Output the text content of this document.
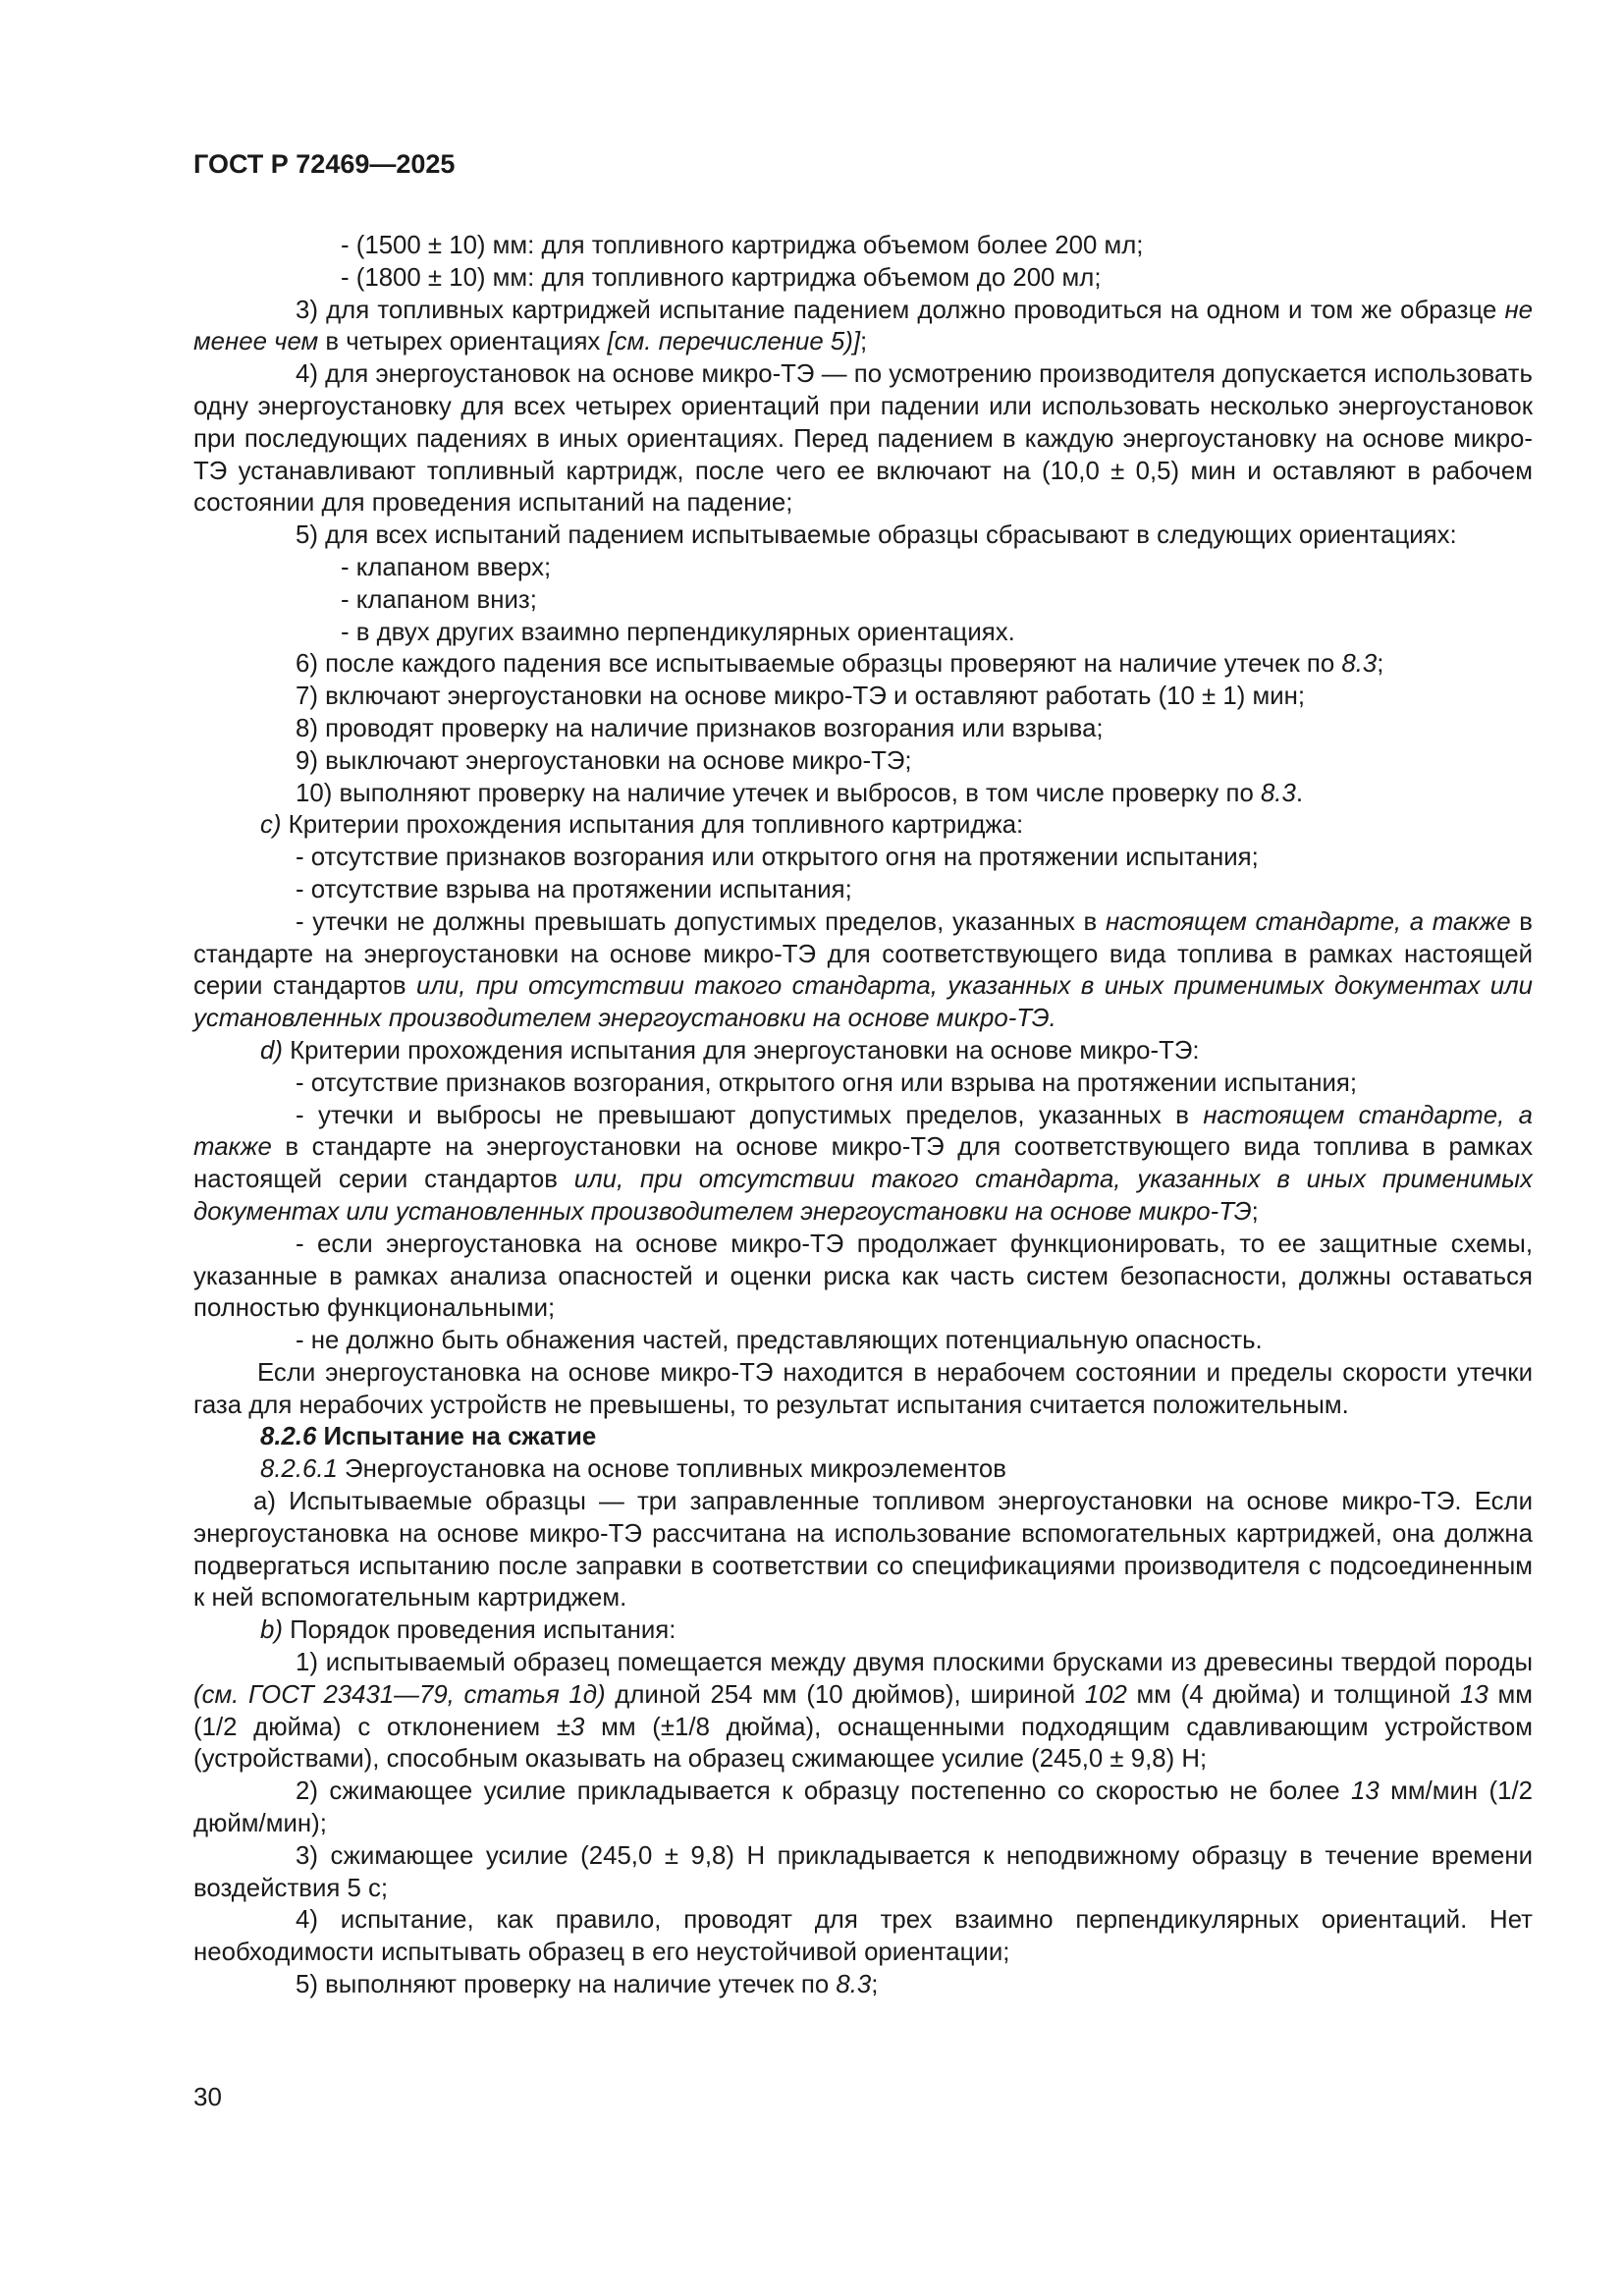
ГОСТ Р 72469—2025
- (1500 ± 10) мм: для топливного картриджа объемом более 200 мл;
- (1800 ± 10) мм: для топливного картриджа объемом до 200 мл;
3) для топливных картриджей испытание падением должно проводиться на одном и том же образце не менее чем в четырех ориентациях [см. перечисление 5)];
4) для энергоустановок на основе микро-ТЭ — по усмотрению производителя допускается использовать одну энергоустановку для всех четырех ориентаций при падении или использовать несколько энергоустановок при последующих падениях в иных ориентациях. Перед падением в каждую энергоустановку на основе микро-ТЭ устанавливают топливный картридж, после чего ее включают на (10,0 ± 0,5) мин и оставляют в рабочем состоянии для проведения испытаний на падение;
5) для всех испытаний падением испытываемые образцы сбрасывают в следующих ориентациях:
- клапаном вверх;
- клапаном вниз;
- в двух других взаимно перпендикулярных ориентациях.
6) после каждого падения все испытываемые образцы проверяют на наличие утечек по 8.3;
7) включают энергоустановки на основе микро-ТЭ и оставляют работать (10 ± 1) мин;
8) проводят проверку на наличие признаков возгорания или взрыва;
9) выключают энергоустановки на основе микро-ТЭ;
10) выполняют проверку на наличие утечек и выбросов, в том числе проверку по 8.3.
c) Критерии прохождения испытания для топливного картриджа:
- отсутствие признаков возгорания или открытого огня на протяжении испытания;
- отсутствие взрыва на протяжении испытания;
- утечки не должны превышать допустимых пределов, указанных в настоящем стандарте, а также в стандарте на энергоустановки на основе микро-ТЭ для соответствующего вида топлива в рамках настоящей серии стандартов или, при отсутствии такого стандарта, указанных в иных применимых документах или установленных производителем энергоустановки на основе микро-ТЭ.
d) Критерии прохождения испытания для энергоустановки на основе микро-ТЭ:
- отсутствие признаков возгорания, открытого огня или взрыва на протяжении испытания;
- утечки и выбросы не превышают допустимых пределов, указанных в настоящем стандарте, а также в стандарте на энергоустановки на основе микро-ТЭ для соответствующего вида топлива в рамках настоящей серии стандартов или, при отсутствии такого стандарта, указанных в иных применимых документах или установленных производителем энергоустановки на основе микро-ТЭ;
- если энергоустановка на основе микро-ТЭ продолжает функционировать, то ее защитные схемы, указанные в рамках анализа опасностей и оценки риска как часть систем безопасности, должны оставаться полностью функциональными;
- не должно быть обнажения частей, представляющих потенциальную опасность.
Если энергоустановка на основе микро-ТЭ находится в нерабочем состоянии и пределы скорости утечки газа для нерабочих устройств не превышены, то результат испытания считается положительным.
8.2.6 Испытание на сжатие
8.2.6.1 Энергоустановка на основе топливных микроэлементов
а) Испытываемые образцы — три заправленные топливом энергоустановки на основе микро-ТЭ. Если энергоустановка на основе микро-ТЭ рассчитана на использование вспомогательных картриджей, она должна подвергаться испытанию после заправки в соответствии со спецификациями производителя с подсоединенным к ней вспомогательным картриджем.
b) Порядок проведения испытания:
1) испытываемый образец помещается между двумя плоскими брусками из древесины твердой породы (см. ГОСТ 23431—79, статья 1д) длиной 254 мм (10 дюймов), шириной 102 мм (4 дюйма) и толщиной 13 мм (1/2 дюйма) с отклонением ±3 мм (±1/8 дюйма), оснащенными подходящим сдавливающим устройством (устройствами), способным оказывать на образец сжимающее усилие (245,0 ± 9,8) Н;
2) сжимающее усилие прикладывается к образцу постепенно со скоростью не более 13 мм/мин (1/2 дюйм/мин);
3) сжимающее усилие (245,0 ± 9,8) Н прикладывается к неподвижному образцу в течение времени воздействия 5 с;
4) испытание, как правило, проводят для трех взаимно перпендикулярных ориентаций. Нет необходимости испытывать образец в его неустойчивой ориентации;
5) выполняют проверку на наличие утечек по 8.3;
30
